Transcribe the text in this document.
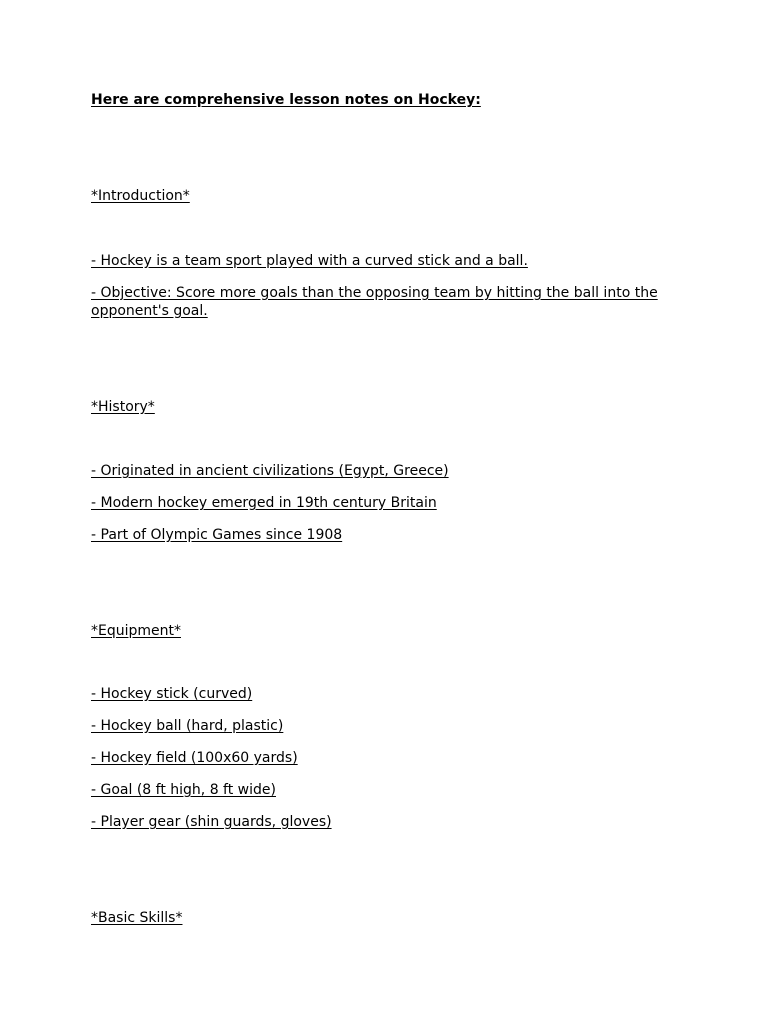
Here are comprehensive lesson notes on Hockey:
*Introduction*
- Hockey is a team sport played with a curved stick and a ball.
- Objective: Score more goals than the opposing team by hitting the ball into the opponent's goal.
*History*
- Originated in ancient civilizations (Egypt, Greece)
- Modern hockey emerged in 19th century Britain
- Part of Olympic Games since 1908
*Equipment*
- Hockey stick (curved)
- Hockey ball (hard, plastic)
- Hockey field (100x60 yards)
- Goal (8 ft high, 8 ft wide)
- Player gear (shin guards, gloves)
*Basic Skills*
